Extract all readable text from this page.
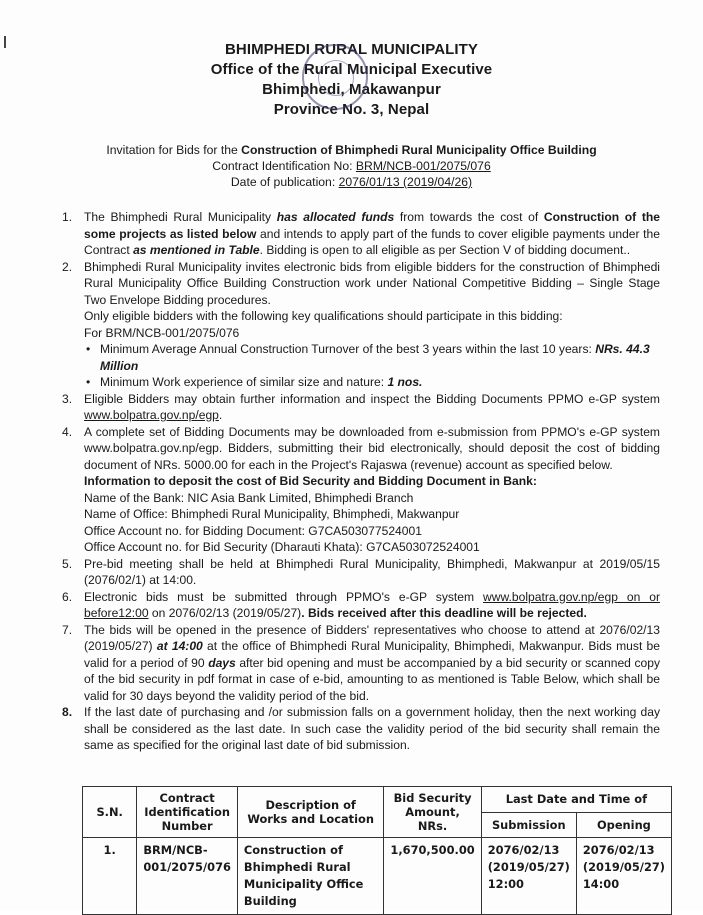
BHIMPHEDI RURAL MUNICIPALITY
Office of the Rural Municipal Executive
Bhimphedi, Makawanpur
Province No. 3, Nepal
Invitation for Bids for the Construction of Bhimphedi Rural Municipality Office Building
Contract Identification No: BRM/NCB-001/2075/076
Date of publication: 2076/01/13 (2019/04/26)
1. The Bhimphedi Rural Municipality has allocated funds from towards the cost of Construction of the some projects as listed below and intends to apply part of the funds to cover eligible payments under the Contract as mentioned in Table. Bidding is open to all eligible as per Section V of bidding document..
2. Bhimphedi Rural Municipality invites electronic bids from eligible bidders for the construction of Bhimphedi Rural Municipality Office Building Construction work under National Competitive Bidding – Single Stage Two Envelope Bidding procedures.
Only eligible bidders with the following key qualifications should participate in this bidding:
For BRM/NCB-001/2075/076
• Minimum Average Annual Construction Turnover of the best 3 years within the last 10 years: NRs. 44.3 Million
• Minimum Work experience of similar size and nature: 1 nos.
3. Eligible Bidders may obtain further information and inspect the Bidding Documents PPMO e-GP system www.bolpatra.gov.np/egp.
4. A complete set of Bidding Documents may be downloaded from e-submission from PPMO's e-GP system www.bolpatra.gov.np/egp. Bidders, submitting their bid electronically, should deposit the cost of bidding document of NRs. 5000.00 for each in the Project's Rajaswa (revenue) account as specified below.
Information to deposit the cost of Bid Security and Bidding Document in Bank:
Name of the Bank: NIC Asia Bank Limited, Bhimphedi Branch
Name of Office: Bhimphedi Rural Municipality, Bhimphedi, Makwanpur
Office Account no. for Bidding Document: G7CA503077524001
Office Account no. for Bid Security (Dharauti Khata): G7CA503072524001
5. Pre-bid meeting shall be held at Bhimphedi Rural Municipality, Bhimphedi, Makwanpur at 2019/05/15 (2076/02/1) at 14:00.
6. Electronic bids must be submitted through PPMO's e-GP system www.bolpatra.gov.np/egp on or before12:00 on 2076/02/13 (2019/05/27). Bids received after this deadline will be rejected.
7. The bids will be opened in the presence of Bidders' representatives who choose to attend at 2076/02/13 (2019/05/27) at 14:00 at the office of Bhimphedi Rural Municipality, Bhimphedi, Makwanpur. Bids must be valid for a period of 90 days after bid opening and must be accompanied by a bid security or scanned copy of the bid security in pdf format in case of e-bid, amounting to as mentioned is Table Below, which shall be valid for 30 days beyond the validity period of the bid.
8. If the last date of purchasing and /or submission falls on a government holiday, then the next working day shall be considered as the last date. In such case the validity period of the bid security shall remain the same as specified for the original last date of bid submission.
S.N.	Contract Identification Number	Description of Works and Location	Bid Security Amount, NRs.	Last Date and Time of	
				Submission	Opening
1.	BRM/NCB-001/2075/076	Construction of Bhimphedi Rural Municipality Office Building	1,670,500.00	2076/02/13 (2019/05/27) 12:00	2076/02/13 (2019/05/27) 14:00
